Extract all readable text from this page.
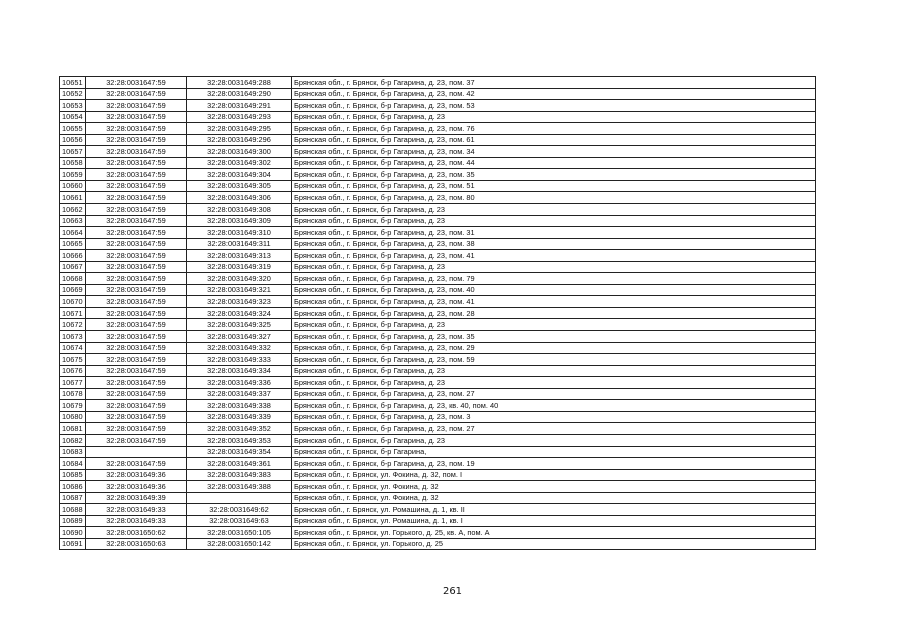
10651	32:28:0031647:59	32:28:0031649:288	Брянская обл., г. Брянск, б-р Гагарина, д. 23, пом. 37
10652	32:28:0031647:59	32:28:0031649:290	Брянская обл., г. Брянск, б-р Гагарина, д. 23, пом. 42
10653	32:28:0031647:59	32:28:0031649:291	Брянская обл., г. Брянск, б-р Гагарина, д. 23, пом. 53
10654	32:28:0031647:59	32:28:0031649:293	Брянская обл., г. Брянск, б-р Гагарина, д. 23
10655	32:28:0031647:59	32:28:0031649:295	Брянская обл., г. Брянск, б-р Гагарина, д. 23, пом. 76
10656	32:28:0031647:59	32:28:0031649:296	Брянская обл., г. Брянск, б-р Гагарина, д. 23, пом. 61
10657	32:28:0031647:59	32:28:0031649:300	Брянская обл., г. Брянск, б-р Гагарина, д. 23, пом. 34
10658	32:28:0031647:59	32:28:0031649:302	Брянская обл., г. Брянск, б-р Гагарина, д. 23, пом. 44
10659	32:28:0031647:59	32:28:0031649:304	Брянская обл., г. Брянск, б-р Гагарина, д. 23, пом. 35
10660	32:28:0031647:59	32:28:0031649:305	Брянская обл., г. Брянск, б-р Гагарина, д. 23, пом. 51
10661	32:28:0031647:59	32:28:0031649:306	Брянская обл., г. Брянск, б-р Гагарина, д. 23, пом. 80
10662	32:28:0031647:59	32:28:0031649:308	Брянская обл., г. Брянск, б-р Гагарина, д. 23
10663	32:28:0031647:59	32:28:0031649:309	Брянская обл., г. Брянск, б-р Гагарина, д. 23
10664	32:28:0031647:59	32:28:0031649:310	Брянская обл., г. Брянск, б-р Гагарина, д. 23, пом. 31
10665	32:28:0031647:59	32:28:0031649:311	Брянская обл., г. Брянск, б-р Гагарина, д. 23, пом. 38
10666	32:28:0031647:59	32:28:0031649:313	Брянская обл., г. Брянск, б-р Гагарина, д. 23, пом. 41
10667	32:28:0031647:59	32:28:0031649:319	Брянская обл., г. Брянск, б-р Гагарина, д. 23
10668	32:28:0031647:59	32:28:0031649:320	Брянская обл., г. Брянск, б-р Гагарина, д. 23, пом. 79
10669	32:28:0031647:59	32:28:0031649:321	Брянская обл., г. Брянск, б-р Гагарина, д. 23, пом. 40
10670	32:28:0031647:59	32:28:0031649:323	Брянская обл., г. Брянск, б-р Гагарина, д. 23, пом. 41
10671	32:28:0031647:59	32:28:0031649:324	Брянская обл., г. Брянск, б-р Гагарина, д. 23, пом. 28
10672	32:28:0031647:59	32:28:0031649:325	Брянская обл., г. Брянск, б-р Гагарина, д. 23
10673	32:28:0031647:59	32:28:0031649:327	Брянская обл., г. Брянск, б-р Гагарина, д. 23, пом. 35
10674	32:28:0031647:59	32:28:0031649:332	Брянская обл., г. Брянск, б-р Гагарина, д. 23, пом. 29
10675	32:28:0031647:59	32:28:0031649:333	Брянская обл., г. Брянск, б-р Гагарина, д. 23, пом. 59
10676	32:28:0031647:59	32:28:0031649:334	Брянская обл., г. Брянск, б-р Гагарина, д. 23
10677	32:28:0031647:59	32:28:0031649:336	Брянская обл., г. Брянск, б-р Гагарина, д. 23
10678	32:28:0031647:59	32:28:0031649:337	Брянская обл., г. Брянск, б-р Гагарина, д. 23, пом. 27
10679	32:28:0031647:59	32:28:0031649:338	Брянская обл., г. Брянск, б-р Гагарина, д. 23, кв. 40, пом. 40
10680	32:28:0031647:59	32:28:0031649:339	Брянская обл., г. Брянск, б-р Гагарина, д. 23, пом. 3
10681	32:28:0031647:59	32:28:0031649:352	Брянская обл., г. Брянск, б-р Гагарина, д. 23, пом. 27
10682	32:28:0031647:59	32:28:0031649:353	Брянская обл., г. Брянск, б-р Гагарина, д. 23
10683		32:28:0031649:354	Брянская обл., г. Брянск, б-р Гагарина,
10684	32:28:0031647:59	32:28:0031649:361	Брянская обл., г. Брянск, б-р Гагарина, д. 23, пом. 19
10685	32:28:0031649:36	32:28:0031649:383	Брянская обл., г. Брянск, ул. Фокина, д. 32, пом. I
10686	32:28:0031649:36	32:28:0031649:388	Брянская обл., г. Брянск, ул. Фокина, д. 32
10687	32:28:0031649:39		Брянская обл., г. Брянск, ул. Фокина, д. 32
10688	32:28:0031649:33	32:28:0031649:62	Брянская обл., г. Брянск, ул. Ромашина, д. 1, кв. II
10689	32:28:0031649:33	32:28:0031649:63	Брянская обл., г. Брянск, ул. Ромашина, д. 1, кв. I
10690	32:28:0031650:62	32:28:0031650:105	Брянская обл., г. Брянск, ул. Горького, д. 25, кв. А, пом. А
10691	32:28:0031650:63	32:28:0031650:142	Брянская обл., г. Брянск, ул. Горького, д. 25
261
